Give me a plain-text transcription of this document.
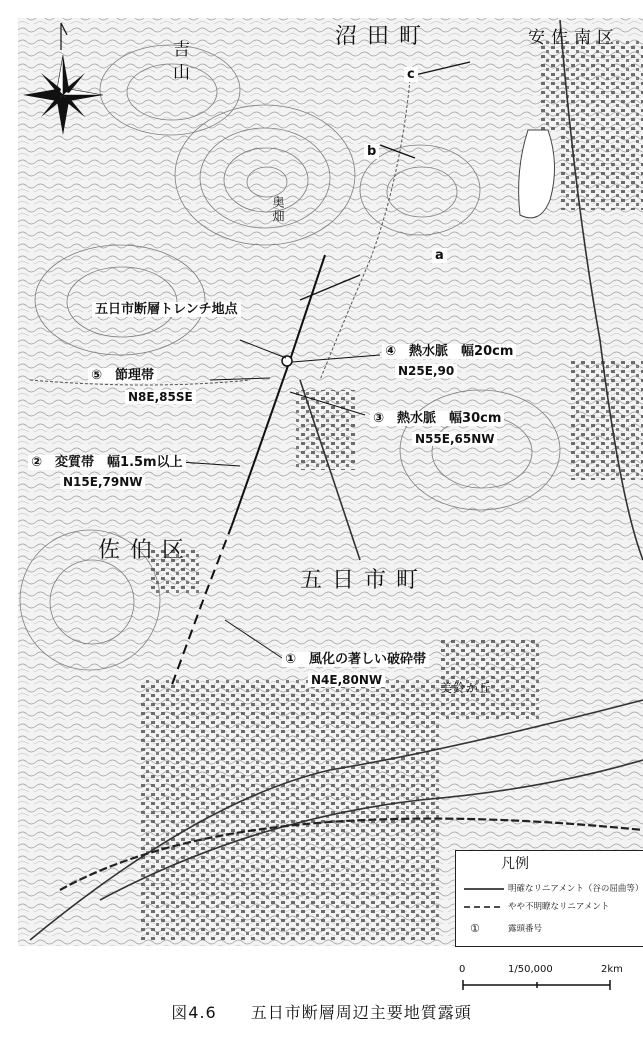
沼田町	安佐南区
吉山
奥畑
佐伯区
五日市町
美鈴が丘
a
b
c
五日市断層トレンチ地点
⑤　 節理帯
N8E,85SE
④　 熱水脈　幅20cm
N25E,90
③　 熱水脈　幅30cm
N55E,65NW
②　 変質帯　幅1.5m以上
N15E,79NW
①　 風化の著しい破砕帯
N4E,80NW
凡例
明確なリニアメント（谷の屈曲等）
やや不明瞭なリニアメント
①	露頭番号
0	1/50,000	2km
図4.6　　五日市断層周辺主要地質露頭
